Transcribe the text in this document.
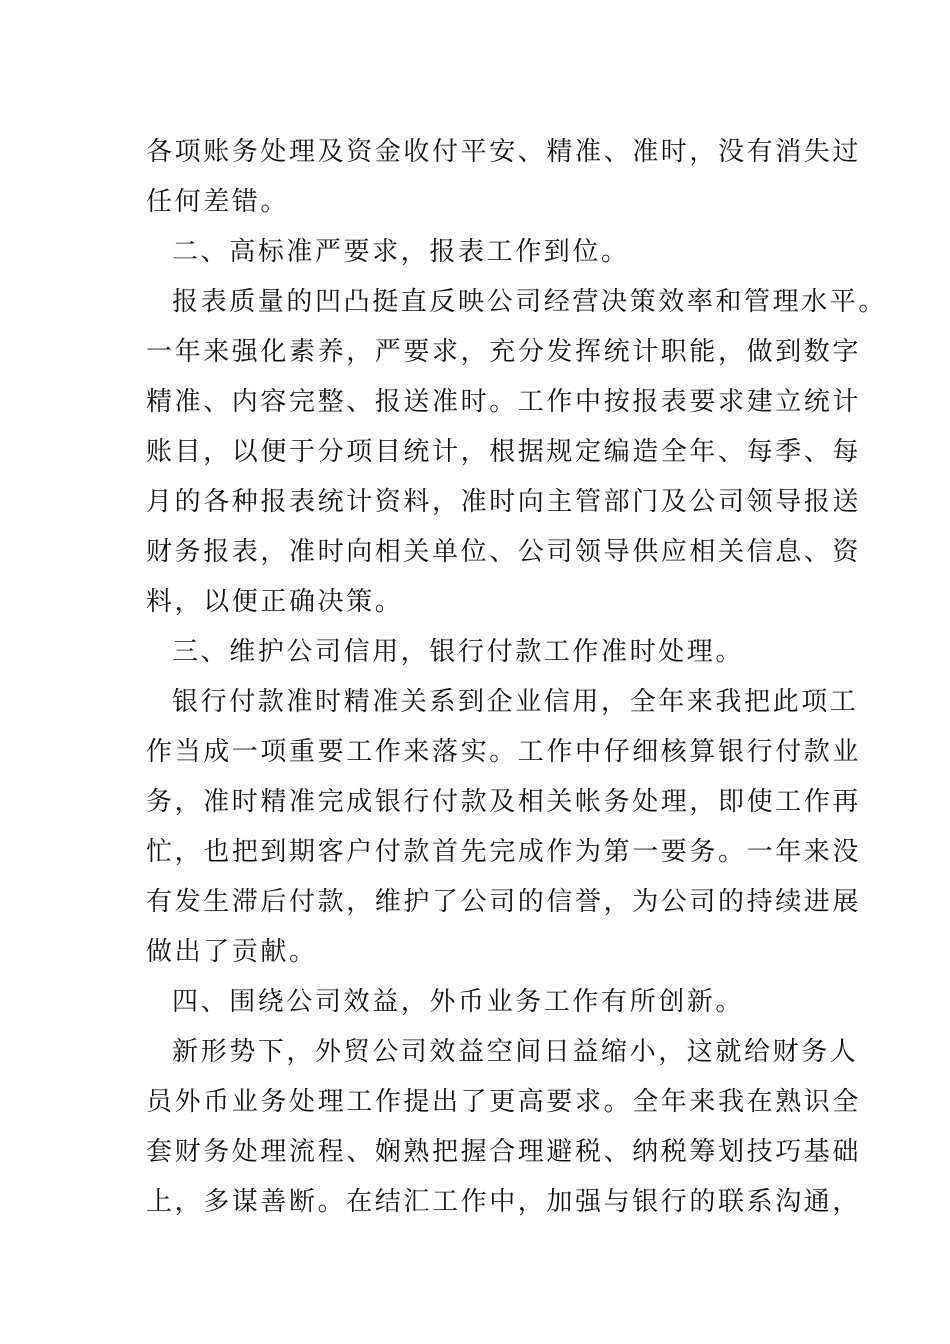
各项账务处理及资金收付平安、精准、准时，没有消失过
任何差错。
二、高标准严要求，报表工作到位。
报表质量的凹凸挺直反映公司经营决策效率和管理水平。
一年来强化素养，严要求，充分发挥统计职能，做到数字
精准、内容完整、报送准时。工作中按报表要求建立统计
账目，以便于分项目统计，根据规定编造全年、每季、每
月的各种报表统计资料，准时向主管部门及公司领导报送
财务报表，准时向相关单位、公司领导供应相关信息、资
料，以便正确决策。
三、维护公司信用，银行付款工作准时处理。
银行付款准时精准关系到企业信用，全年来我把此项工
作当成一项重要工作来落实。工作中仔细核算银行付款业
务，准时精准完成银行付款及相关帐务处理，即使工作再
忙，也把到期客户付款首先完成作为第一要务。一年来没
有发生滞后付款，维护了公司的信誉，为公司的持续进展
做出了贡献。
四、围绕公司效益，外币业务工作有所创新。
新形势下，外贸公司效益空间日益缩小，这就给财务人
员外币业务处理工作提出了更高要求。全年来我在熟识全
套财务处理流程、娴熟把握合理避税、纳税筹划技巧基础
上，多谋善断。在结汇工作中，加强与银行的联系沟通，
